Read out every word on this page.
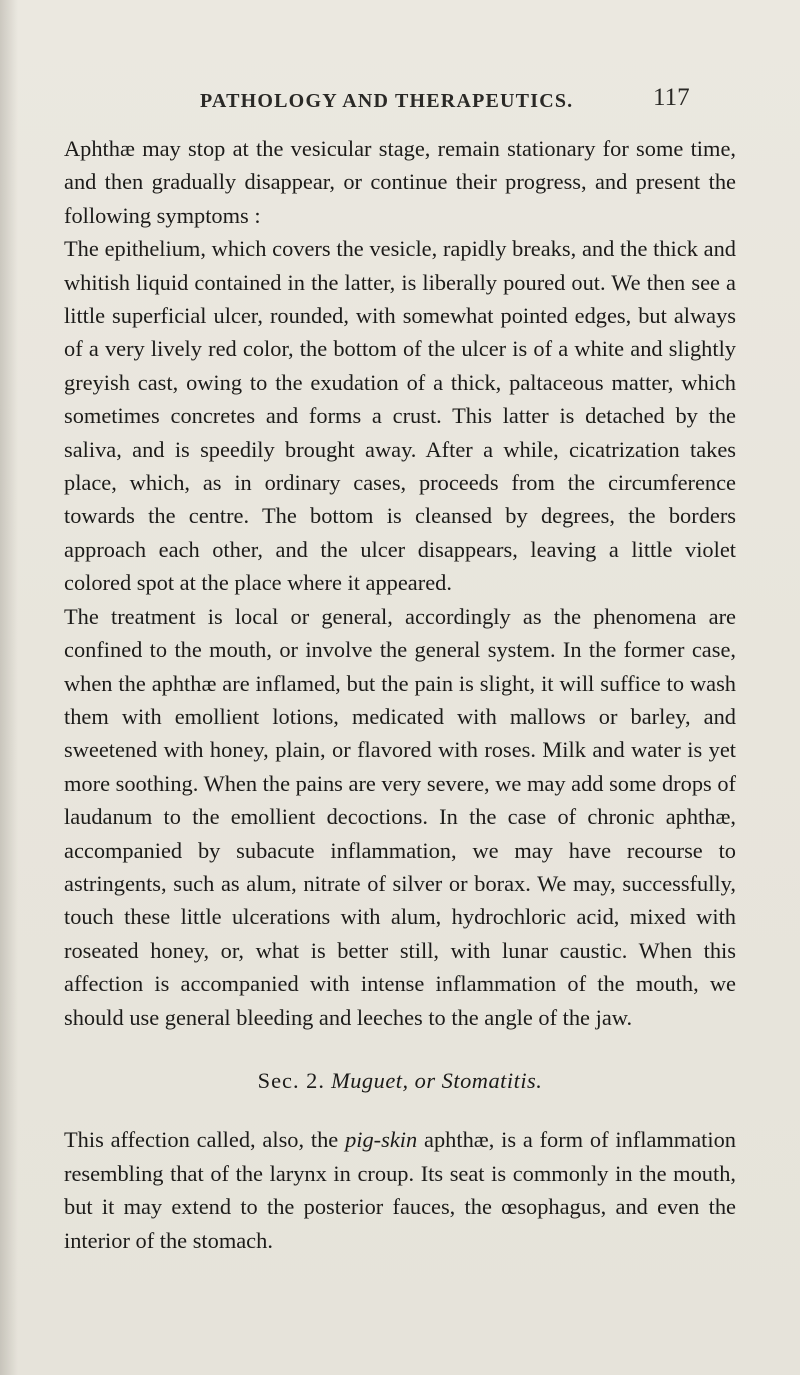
PATHOLOGY AND THERAPEUTICS.	117

Aphthæ may stop at the vesicular stage, remain stationary for some time, and then gradually disappear, or continue their progress, and present the following symptoms :

The epithelium, which covers the vesicle, rapidly breaks, and the thick and whitish liquid contained in the latter, is liberally poured out. We then see a little superficial ulcer, rounded, with somewhat pointed edges, but always of a very lively red color, the bottom of the ulcer is of a white and slightly greyish cast, owing to the exudation of a thick, paltaceous matter, which sometimes concretes and forms a crust. This latter is detached by the saliva, and is speedily brought away. After a while, cicatrization takes place, which, as in ordinary cases, proceeds from the circumference towards the centre. The bottom is cleansed by degrees, the borders approach each other, and the ulcer disappears, leaving a little violet colored spot at the place where it appeared.

The treatment is local or general, accordingly as the phenomena are confined to the mouth, or involve the general system. In the former case, when the aphthæ are inflamed, but the pain is slight, it will suffice to wash them with emollient lotions, medicated with mallows or barley, and sweetened with honey, plain, or flavored with roses. Milk and water is yet more soothing. When the pains are very severe, we may add some drops of laudanum to the emollient decoctions. In the case of chronic aphthæ, accompanied by subacute inflammation, we may have recourse to astringents, such as alum, nitrate of silver or borax. We may, successfully, touch these little ulcerations with alum, hydrochloric acid, mixed with roseated honey, or, what is better still, with lunar caustic. When this affection is accompanied with intense inflammation of the mouth, we should use general bleeding and leeches to the angle of the jaw.

Sec. 2. Muguet, or Stomatitis.

This affection called, also, the pig-skin aphthæ, is a form of inflammation resembling that of the larynx in croup. Its seat is commonly in the mouth, but it may extend to the posterior fauces, the œsophagus, and even the interior of the stomach.
